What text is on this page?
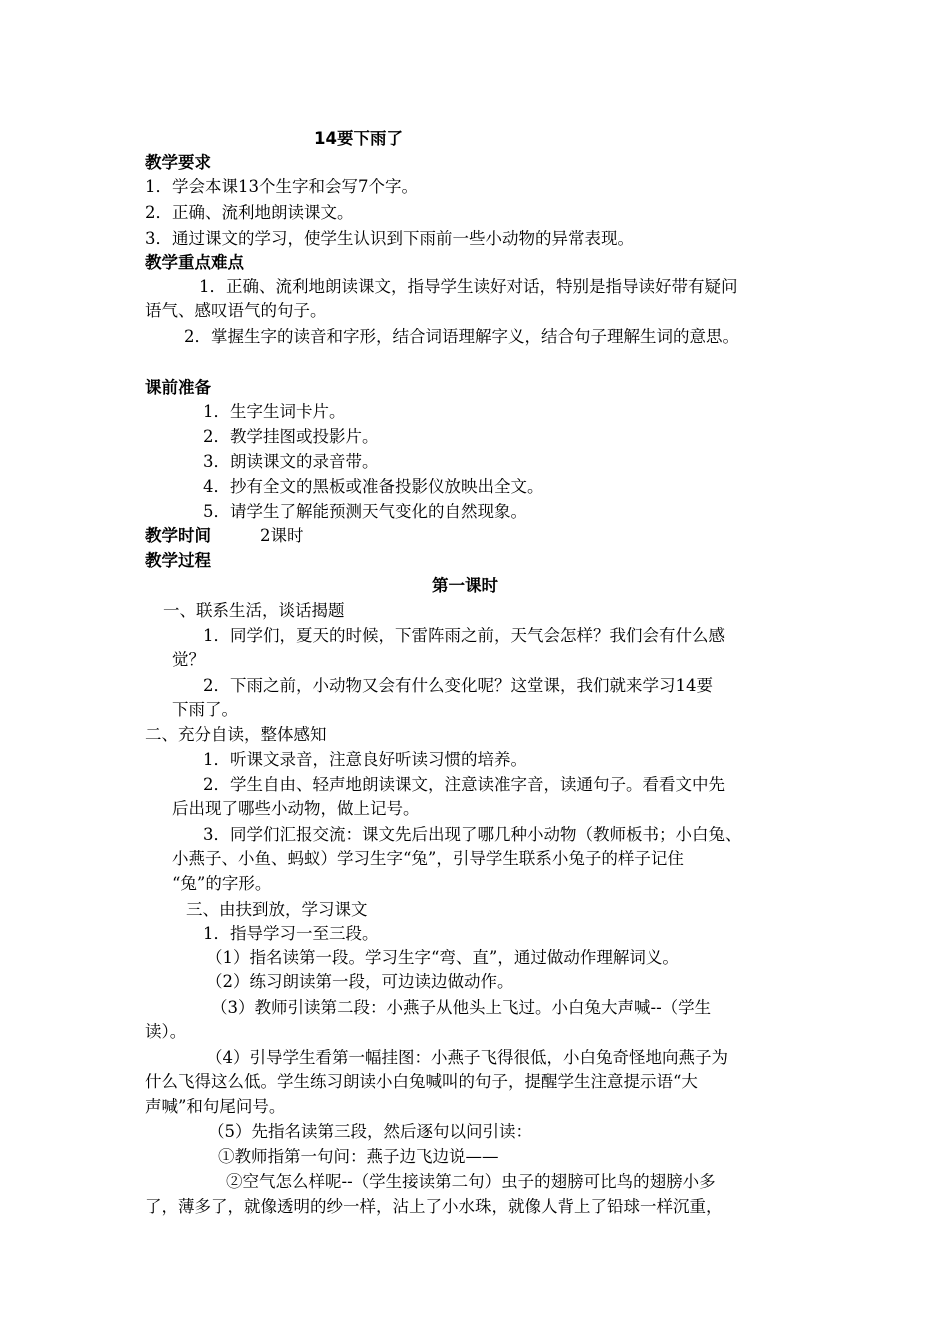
14要下雨了
教学要求
1．学会本课13个生字和会写7个字。
2．正确、流利地朗读课文。
3．通过课文的学习，使学生认识到下雨前一些小动物的异常表现。
教学重点难点
1．正确、流利地朗读课文，指导学生读好对话，特别是指导读好带有疑问
语气、感叹语气的句子。
2．掌握生字的读音和字形，结合词语理解字义，结合句子理解生词的意思。
课前准备
1．生字生词卡片。
2．教学挂图或投影片。
3．朗读课文的录音带。
4．抄有全文的黑板或准备投影仪放映出全文。
5．请学生了解能预测天气变化的自然现象。
教学时间	2课时
教学过程
第一课时
一、联系生活，谈话揭题
1．同学们，夏天的时候，下雷阵雨之前，天气会怎样？我们会有什么感
觉？
2．下雨之前，小动物又会有什么变化呢？这堂课，我们就来学习14要
下雨了。
二、充分自读，整体感知
1．听课文录音，注意良好听读习惯的培养。
2．学生自由、轻声地朗读课文，注意读准字音，读通句子。看看文中先
后出现了哪些小动物，做上记号。
3．同学们汇报交流：课文先后出现了哪几种小动物（教师板书；小白兔、
小燕子、小鱼、蚂蚁）学习生字“兔”，引导学生联系小兔子的样子记住
“兔”的字形。
三、由扶到放，学习课文
1．指导学习一至三段。
（1）指名读第一段。学习生字“弯、直”，通过做动作理解词义。
（2）练习朗读第一段，可边读边做动作。
（3）教师引读第二段：小燕子从他头上飞过。小白兔大声喊--（学生
读）。
（4）引导学生看第一幅挂图：小燕子飞得很低，小白兔奇怪地向燕子为
什么飞得这么低。学生练习朗读小白兔喊叫的句子，提醒学生注意提示语“大
声喊”和句尾问号。
（5）先指名读第三段，然后逐句以问引读：
①教师指第一句问：燕子边飞边说——
②空气怎么样呢--（学生接读第二句）虫子的翅膀可比鸟的翅膀小多
了，薄多了，就像透明的纱一样，沾上了小水珠，就像人背上了铅球一样沉重，
